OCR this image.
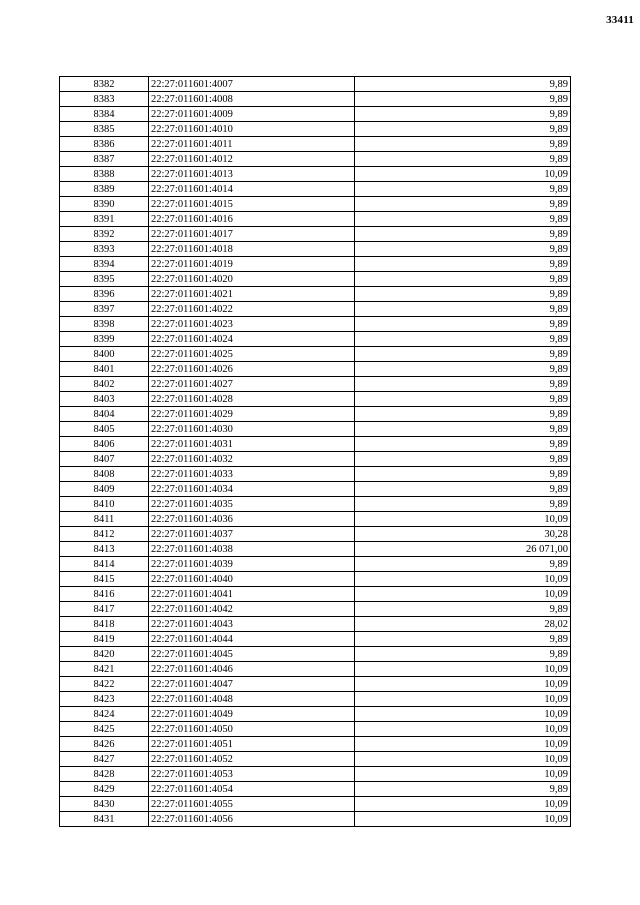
33411
8382	22:27:011601:4007	9,89
8383	22:27:011601:4008	9,89
8384	22:27:011601:4009	9,89
8385	22:27:011601:4010	9,89
8386	22:27:011601:4011	9,89
8387	22:27:011601:4012	9,89
8388	22:27:011601:4013	10,09
8389	22:27:011601:4014	9,89
8390	22:27:011601:4015	9,89
8391	22:27:011601:4016	9,89
8392	22:27:011601:4017	9,89
8393	22:27:011601:4018	9,89
8394	22:27:011601:4019	9,89
8395	22:27:011601:4020	9,89
8396	22:27:011601:4021	9,89
8397	22:27:011601:4022	9,89
8398	22:27:011601:4023	9,89
8399	22:27:011601:4024	9,89
8400	22:27:011601:4025	9,89
8401	22:27:011601:4026	9,89
8402	22:27:011601:4027	9,89
8403	22:27:011601:4028	9,89
8404	22:27:011601:4029	9,89
8405	22:27:011601:4030	9,89
8406	22:27:011601:4031	9,89
8407	22:27:011601:4032	9,89
8408	22:27:011601:4033	9,89
8409	22:27:011601:4034	9,89
8410	22:27:011601:4035	9,89
8411	22:27:011601:4036	10,09
8412	22:27:011601:4037	30,28
8413	22:27:011601:4038	26 071,00
8414	22:27:011601:4039	9,89
8415	22:27:011601:4040	10,09
8416	22:27:011601:4041	10,09
8417	22:27:011601:4042	9,89
8418	22:27:011601:4043	28,02
8419	22:27:011601:4044	9,89
8420	22:27:011601:4045	9,89
8421	22:27:011601:4046	10,09
8422	22:27:011601:4047	10,09
8423	22:27:011601:4048	10,09
8424	22:27:011601:4049	10,09
8425	22:27:011601:4050	10,09
8426	22:27:011601:4051	10,09
8427	22:27:011601:4052	10,09
8428	22:27:011601:4053	10,09
8429	22:27:011601:4054	9,89
8430	22:27:011601:4055	10,09
8431	22:27:011601:4056	10,09
